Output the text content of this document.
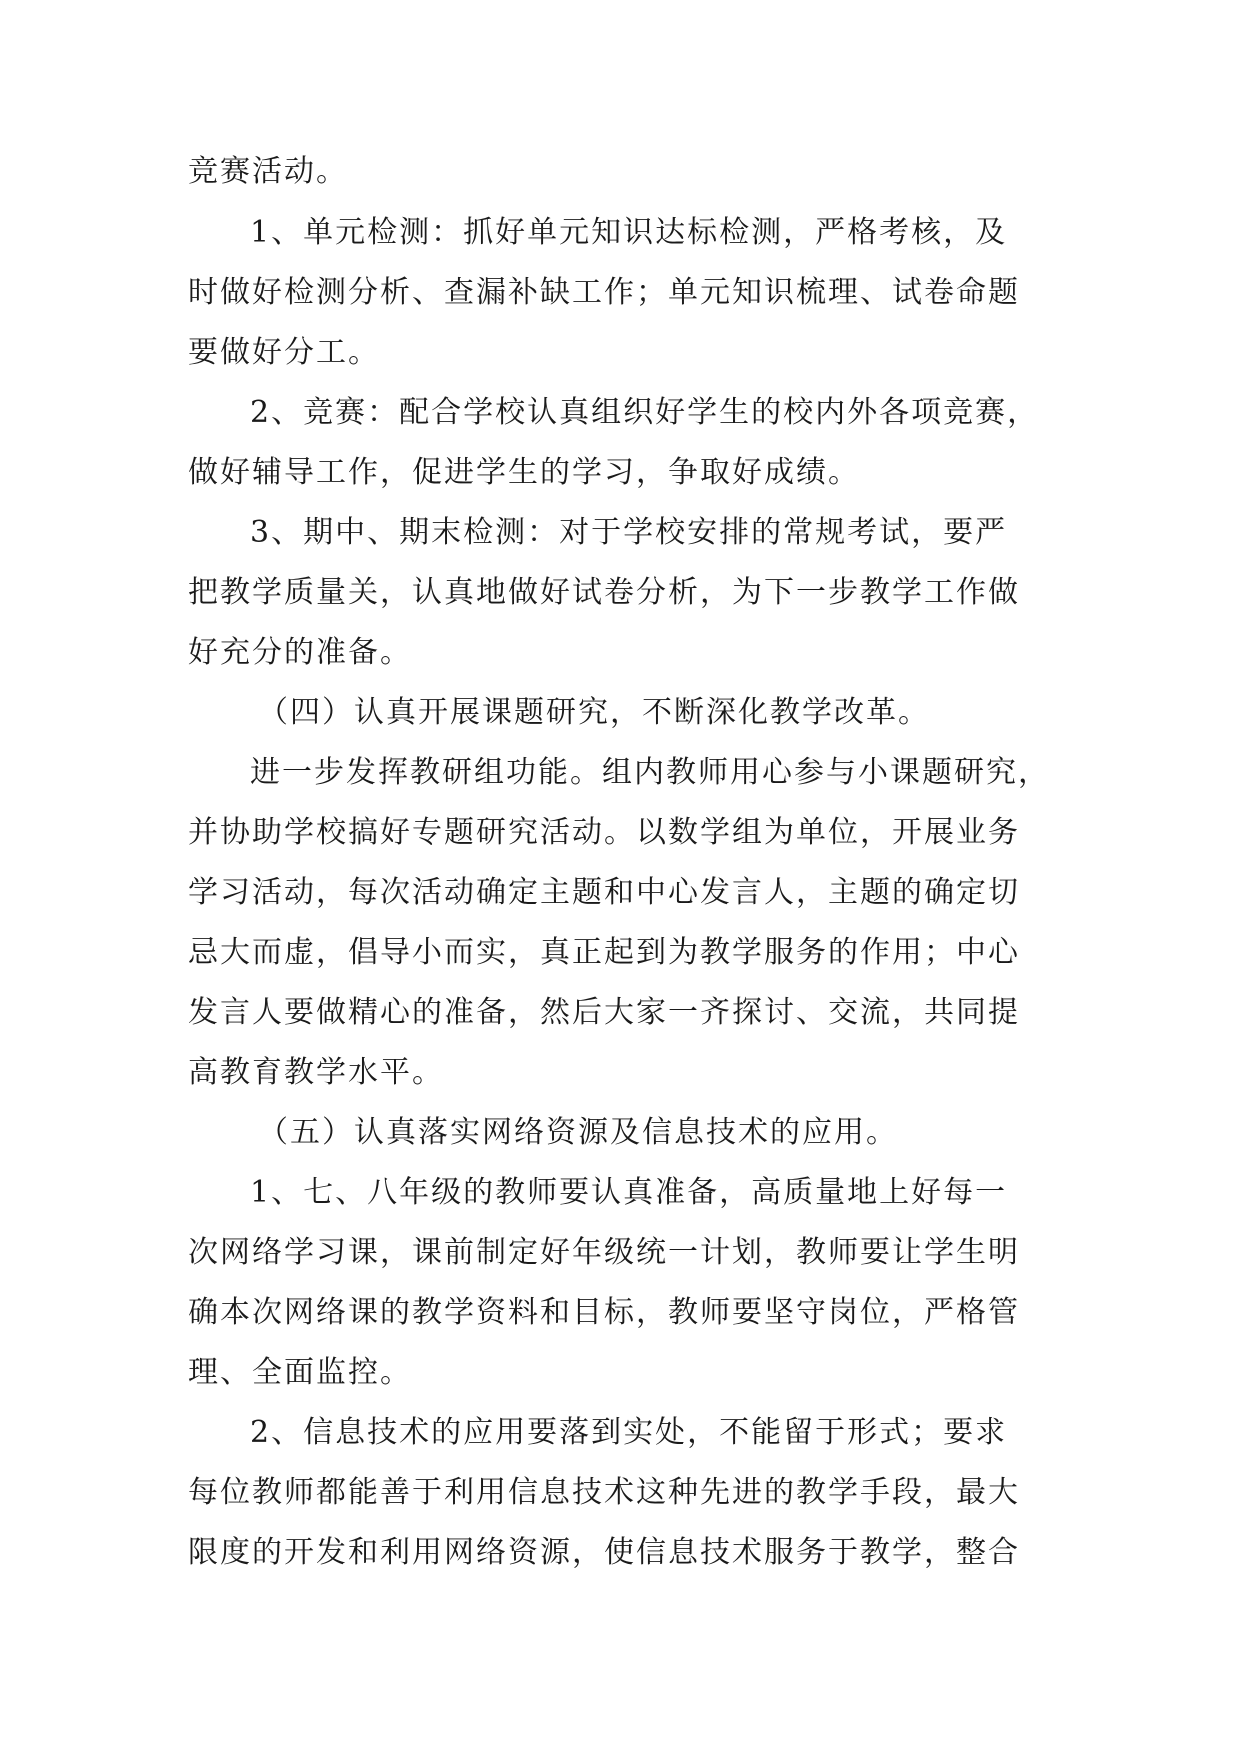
竞赛活动。
1、单元检测：抓好单元知识达标检测，严格考核，及
时做好检测分析、查漏补缺工作；单元知识梳理、试卷命题
要做好分工。
2、竞赛：配合学校认真组织好学生的校内外各项竞赛，
做好辅导工作，促进学生的学习，争取好成绩。
3、期中、期末检测：对于学校安排的常规考试，要严
把教学质量关，认真地做好试卷分析，为下一步教学工作做
好充分的准备。
（四）认真开展课题研究，不断深化教学改革。
进一步发挥教研组功能。组内教师用心参与小课题研究，
并协助学校搞好专题研究活动。以数学组为单位，开展业务
学习活动，每次活动确定主题和中心发言人，主题的确定切
忌大而虚，倡导小而实，真正起到为教学服务的作用；中心
发言人要做精心的准备，然后大家一齐探讨、交流，共同提
高教育教学水平。
（五）认真落实网络资源及信息技术的应用。
1、七、八年级的教师要认真准备，高质量地上好每一
次网络学习课，课前制定好年级统一计划，教师要让学生明
确本次网络课的教学资料和目标，教师要坚守岗位，严格管
理、全面监控。
2、信息技术的应用要落到实处，不能留于形式；要求
每位教师都能善于利用信息技术这种先进的教学手段，最大
限度的开发和利用网络资源，使信息技术服务于教学，整合
